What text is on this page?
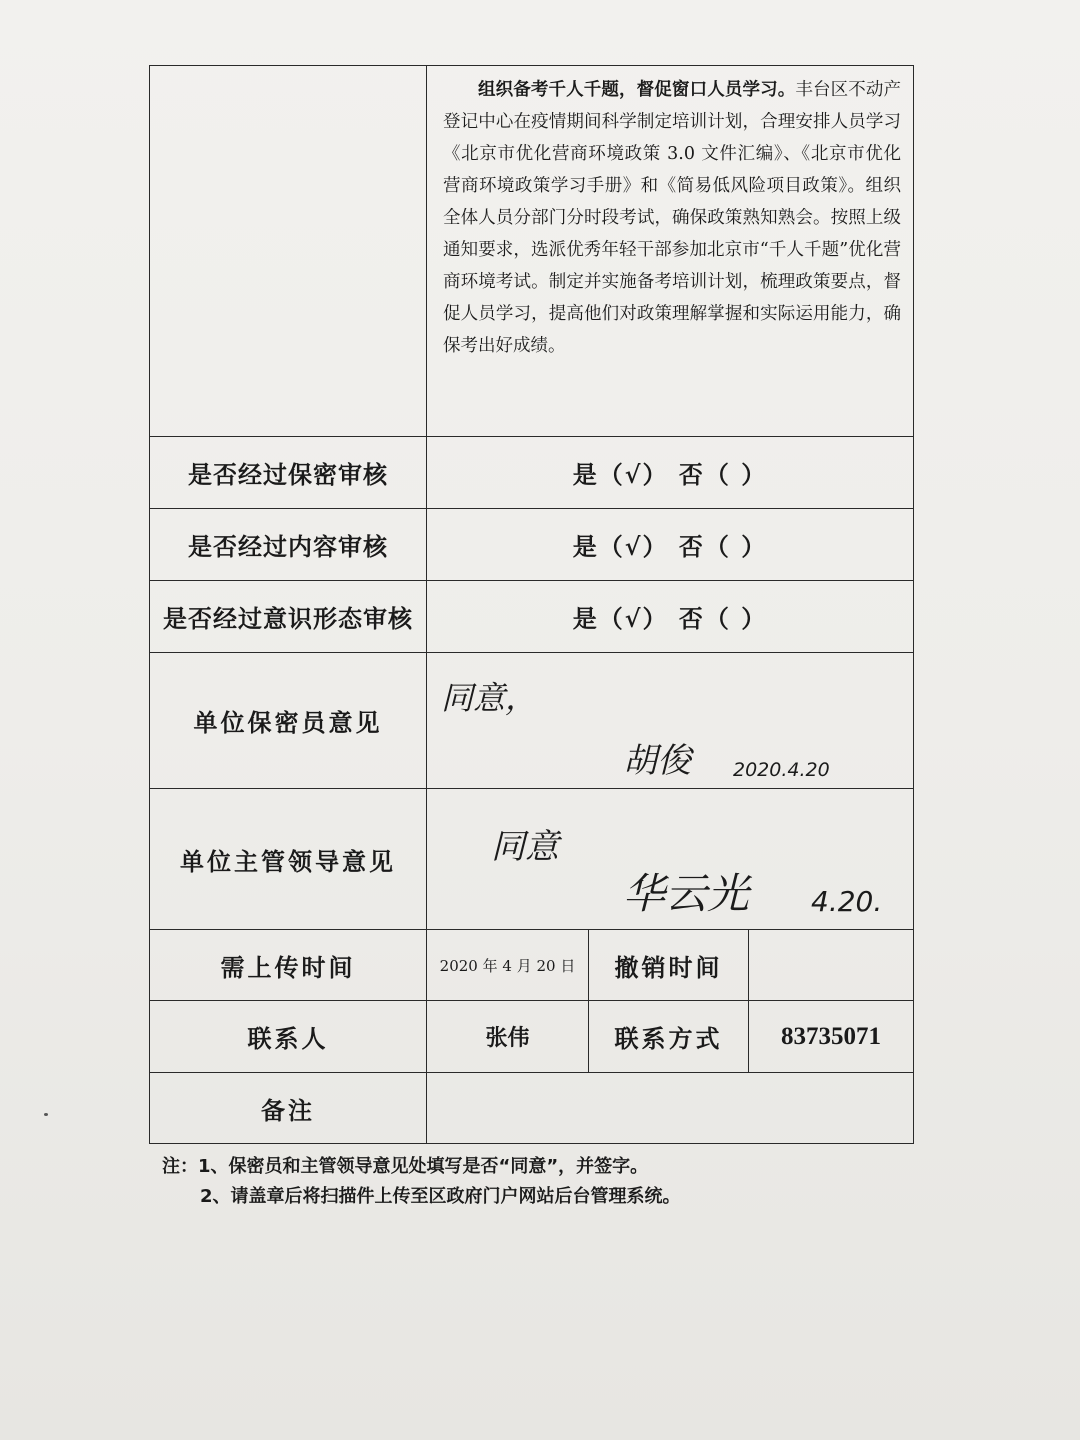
	组织备考千人千题，督促窗口人员学习。丰台区不动产登记中心在疫情期间科学制定培训计划，合理安排人员学习《北京市优化营商环境政策 3.0 文件汇编》、《北京市优化营商环境政策学习手册》和《简易低风险项目政策》。组织全体人员分部门分时段考试，确保政策熟知熟会。按照上级通知要求，选派优秀年轻干部参加北京市“千人千题”优化营商环境考试。制定并实施备考培训计划，梳理政策要点，督促人员学习，提高他们对政策理解掌握和实际运用能力，确保考出好成绩。		

是否经过保密审核	是（√） 否（ ）		
是否经过内容审核	是（√） 否（ ）		
是否经过意识形态审核	是（√） 否（ ）		
单位保密员意见	同意，
胡俊 2020.4.20		

单位主管领导意见	同意
华云光 4.20.		

需上传时间	2020 年 4 月 20 日	撤销时间	
联系人	张伟	联系方式	83735071
备注			
注：1、保密员和主管领导意见处填写是否“同意”，并签字。
2、请盖章后将扫描件上传至区政府门户网站后台管理系统。
